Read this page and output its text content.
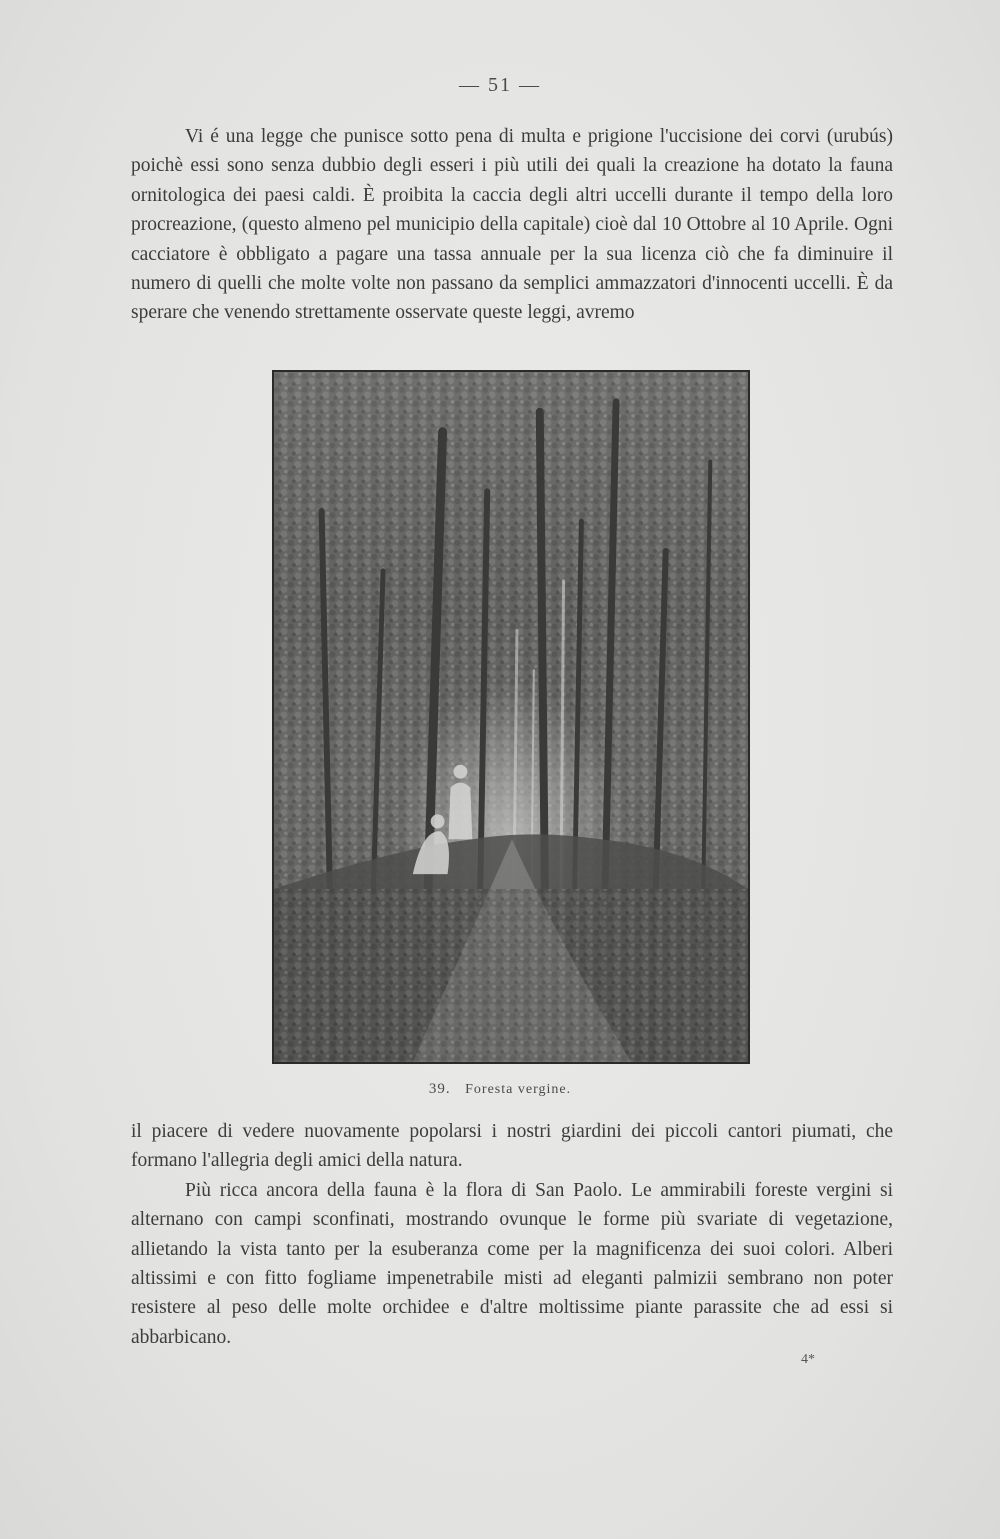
— 51 —

Vi é una legge che punisce sotto pena di multa e prigione l'uccisione dei corvi (urubús) poichè essi sono senza dubbio degli esseri i più utili dei quali la creazione ha dotato la fauna ornitologica dei paesi caldi. È proibita la caccia degli altri uccelli durante il tempo della loro procreazione, (questo almeno pel municipio della capitale) cioè dal 10 Ottobre al 10 Aprile. Ogni cacciatore è obbligato a pagare una tassa annuale per la sua licenza ciò che fa diminuire il numero di quelli che molte volte non passano da semplici ammazzatori d'innocenti uccelli. È da sperare che venendo strettamente osservate queste leggi, avremo

39. Foresta vergine.

il piacere di vedere nuovamente popolarsi i nostri giardini dei piccoli cantori piumati, che formano l'allegria degli amici della natura.

Più ricca ancora della fauna è la flora di San Paolo. Le ammirabili foreste vergini si alternano con campi sconfinati, mostrando ovunque le forme più svariate di vegetazione, allietando la vista tanto per la esuberanza come per la magnificenza dei suoi colori. Alberi altissimi e con fitto fogliame impenetrabile misti ad eleganti palmizii sembrano non poter resistere al peso delle molte orchidee e d'altre moltissime piante parassite che ad essi si abbarbicano.

4*
